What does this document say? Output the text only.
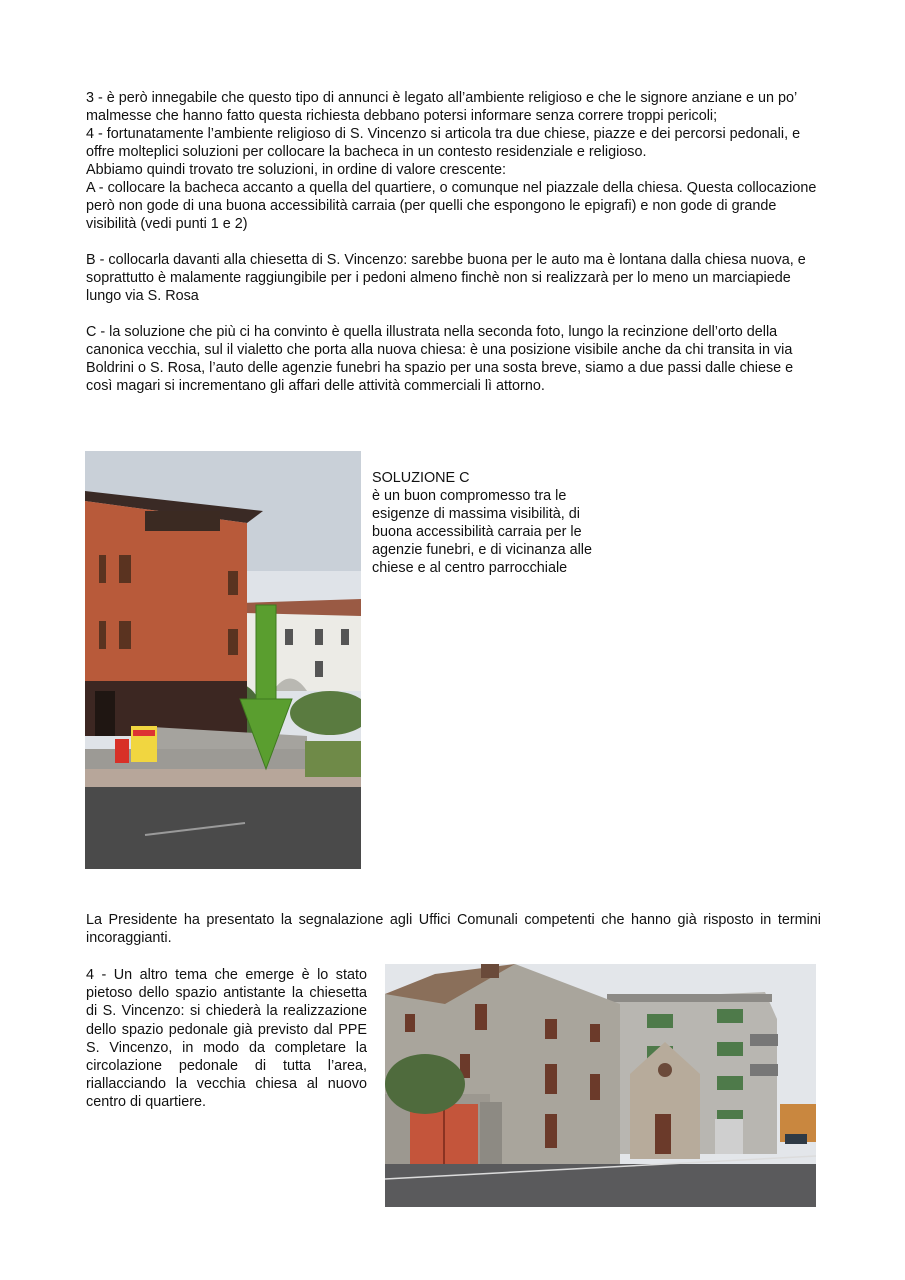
3 - è però innegabile che questo tipo di annunci è legato all’ambiente religioso e che le signore anziane e un po’ malmesse che hanno fatto questa richiesta debbano potersi informare senza correre troppi pericoli;

4 - fortunatamente l’ambiente religioso di S. Vincenzo si articola tra due chiese, piazze e dei percorsi pedonali, e offre molteplici soluzioni per collocare la bacheca in un contesto residenziale e religioso.

Abbiamo quindi trovato tre soluzioni, in ordine di valore crescente:

A - collocare la bacheca accanto a quella del quartiere, o comunque nel piazzale della chiesa. Questa collocazione però non gode di una buona accessibilità carraia (per quelli che espongono le epigrafi) e non gode di grande visibilità (vedi punti 1 e 2)

B - collocarla davanti alla chiesetta di S. Vincenzo: sarebbe buona per le auto ma è lontana dalla chiesa nuova, e soprattutto è malamente raggiungibile per i pedoni almeno finchè non si realizzarà per lo meno un marciapiede lungo via S. Rosa

C - la soluzione che più ci ha convinto è quella illustrata nella seconda foto, lungo la recinzione dell’orto della canonica vecchia, sul il vialetto che porta alla nuova chiesa: è una posizione visibile anche da chi transita in via Boldrini o S. Rosa, l’auto delle agenzie funebri ha spazio per una sosta breve, siamo a due passi dalle chiese e così magari si incrementano gli affari delle attività commerciali lì attorno.

SOLUZIONE C
è un buon compromesso tra le esigenze di massima visibilità, di buona accessibilità carraia per le agenzie funebri, e di vicinanza alle chiese e al centro parrocchiale
La Presidente ha presentato la segnalazione agli Uffici Comunali competenti che hanno già risposto in termini incoraggianti.
4 - Un altro tema che emerge è lo stato pietoso dello spazio antistante la chiesetta di S. Vincenzo: si chiederà la realizzazione dello spazio pedonale già previsto dal PPE S. Vincenzo, in modo da completare la circolazione pedonale di tutta l’area, riallacciando la vecchia chiesa al nuovo centro di quartiere.
